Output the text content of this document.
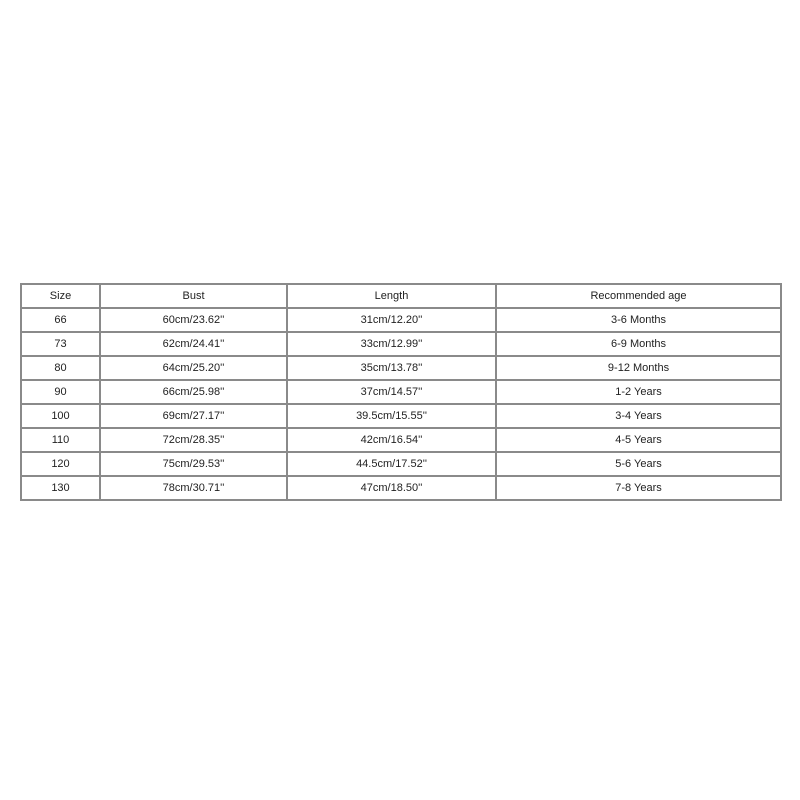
Size	Bust	Length	Recommended age
66	60cm/23.62''	31cm/12.20''	3-6 Months
73	62cm/24.41''	33cm/12.99''	6-9 Months
80	64cm/25.20''	35cm/13.78''	9-12 Months
90	66cm/25.98''	37cm/14.57''	1-2 Years
100	69cm/27.17''	39.5cm/15.55''	3-4 Years
110	72cm/28.35''	42cm/16.54''	4-5 Years
120	75cm/29.53''	44.5cm/17.52''	5-6 Years
130	78cm/30.71''	47cm/18.50''	7-8 Years
